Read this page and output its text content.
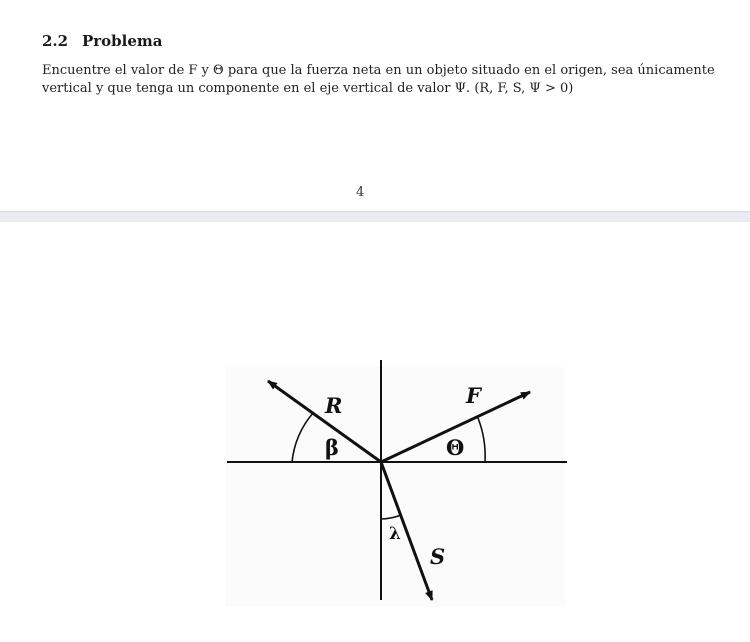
2.2 Problema
Encuentre el valor de F y Θ para que la fuerza neta en un objeto situado en el origen, sea únicamente
vertical y que tenga un componente en el eje vertical de valor Ψ. (R, F, S, Ψ > 0)
4
R	F
S
β	Θ
λ
